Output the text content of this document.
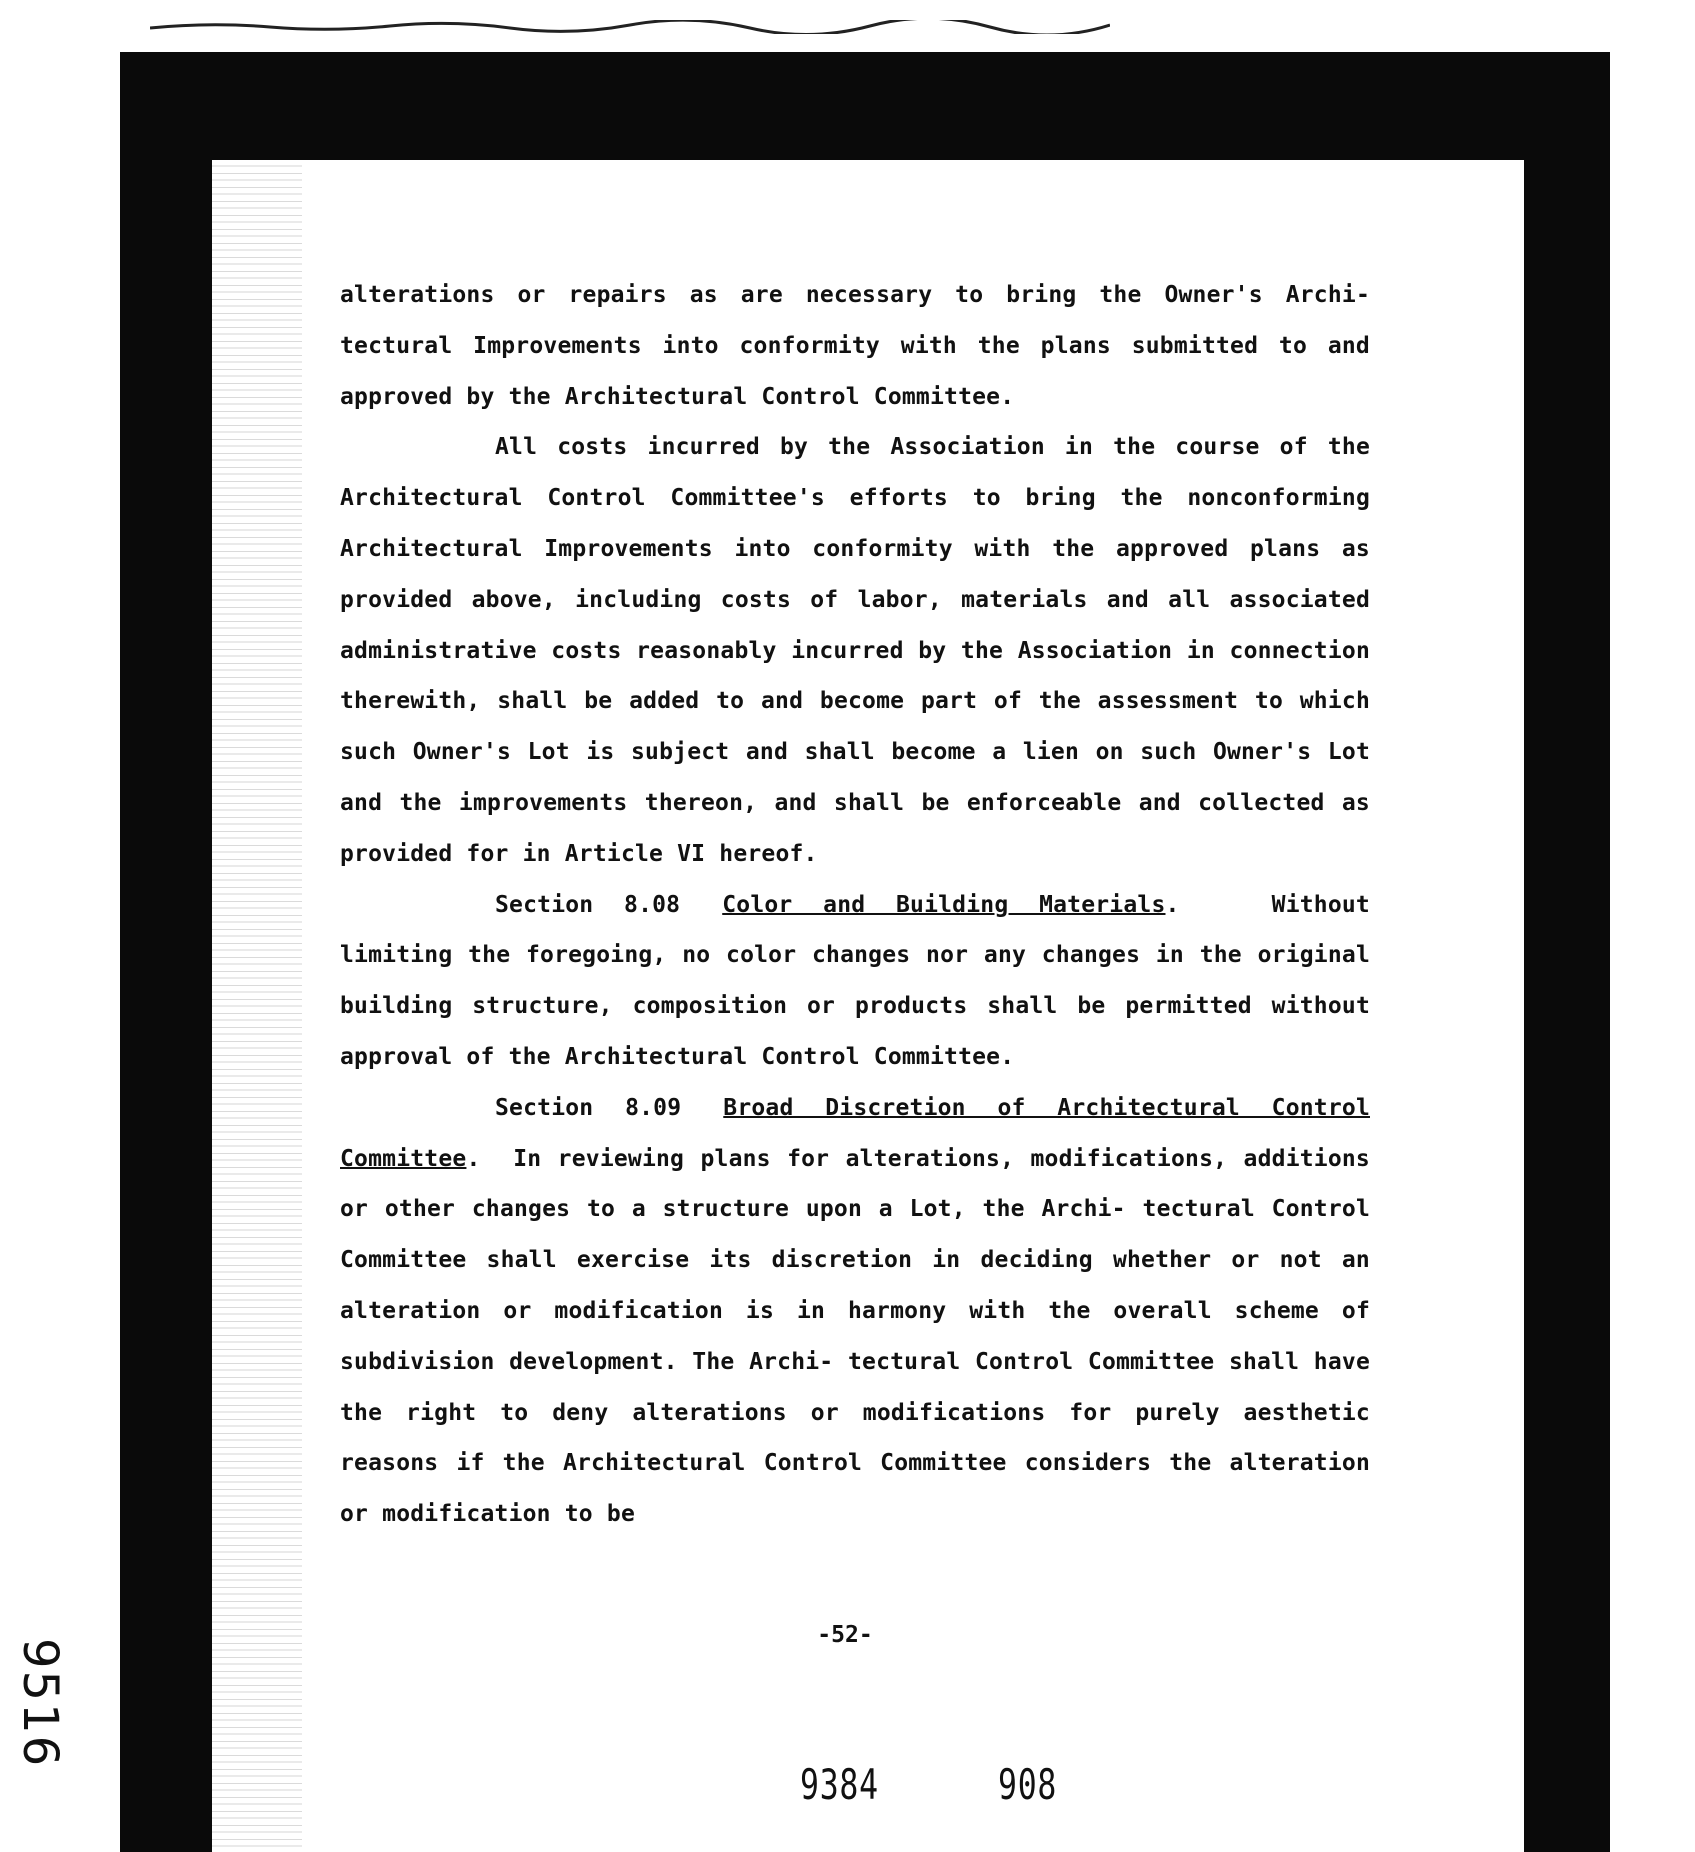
alterations or repairs as are necessary to bring the Owner's Archi- tectural Improvements into conformity with the plans submitted to and approved by the Architectural Control Committee.

All costs incurred by the Association in the course of the Architectural Control Committee's efforts to bring the nonconforming Architectural Improvements into conformity with the approved plans as provided above, including costs of labor, materials and all associated administrative costs reasonably incurred by the Association in connection therewith, shall be added to and become part of the assessment to which such Owner's Lot is subject and shall become a lien on such Owner's Lot and the improvements thereon, and shall be enforceable and collected as provided for in Article VI hereof.

Section 8.08 Color and Building Materials.   Without limiting the foregoing, no color changes nor any changes in the original building structure, composition or products shall be permitted without approval of the Architectural Control Committee.

Section 8.09 Broad Discretion of Architectural Control Committee.  In reviewing plans for alterations, modifications, additions or other changes to a structure upon a Lot, the Archi- tectural Control Committee shall exercise its discretion in deciding whether or not an alteration or modification is in harmony with the overall scheme of subdivision development. The Archi- tectural Control Committee shall have the right to deny alterations or modifications for purely aesthetic reasons if the Architectural Control Committee considers the alteration or modification to be

-52-
9384	908
9516
